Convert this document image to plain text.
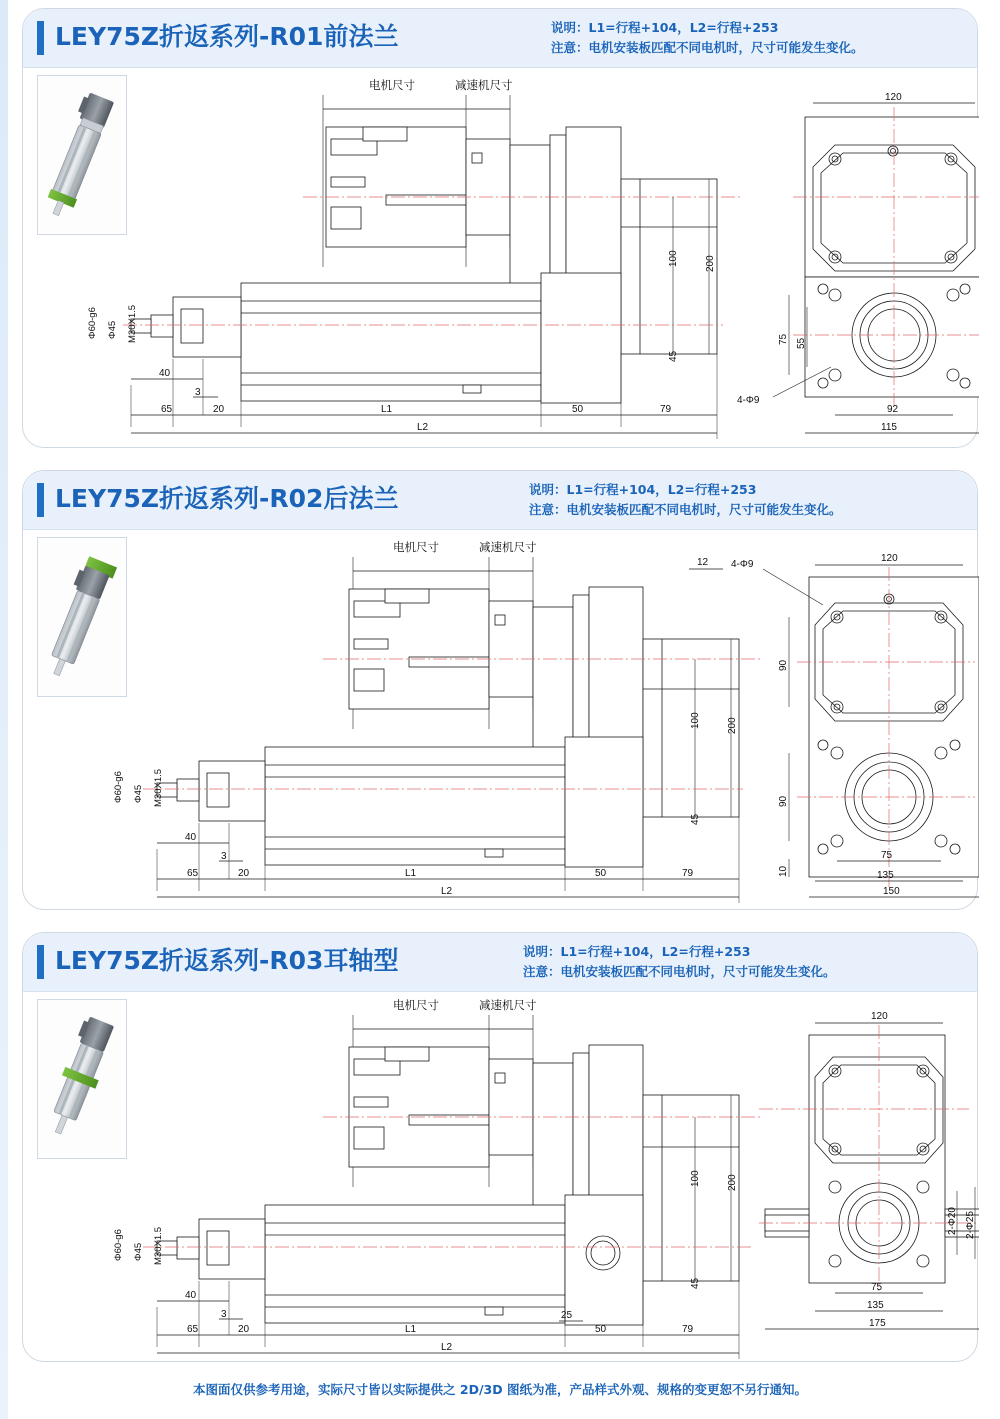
LEY75Z折返系列-R01前法兰	说明：L1=行程+104，L2=行程+253
注意：电机安装板匹配不同电机时，尺寸可能发生变化。
电机尺寸	减速机尺寸
100	200
45
Φ60-g6 Φ45 M30X1.5
40
3
65	20	L1	50	79
L2
120
75 55
92
115
4-Φ9
LEY75Z折返系列-R02后法兰	说明：L1=行程+104，L2=行程+253
注意：电机安装板匹配不同电机时，尺寸可能发生变化。
电机尺寸	减速机尺寸
12
100	200
45
Φ60-g6 Φ45 M30X1.5
40
3
65	20	L1	50	79
L2
4-Φ9
120
90
90
10
75
135
150
LEY75Z折返系列-R03耳轴型	说明：L1=行程+104，L2=行程+253
注意：电机安装板匹配不同电机时，尺寸可能发生变化。
电机尺寸	减速机尺寸
100	200
45
Φ60-g6 Φ45 M30X1.5
40
3	25
65	20	L1	50	79
L2
120
2-Φ20 2-Φ25
75
135
175
本图面仅供参考用途，实际尺寸皆以实际提供之 2D/3D 图纸为准，产品样式外观、规格的变更恕不另行通知。
